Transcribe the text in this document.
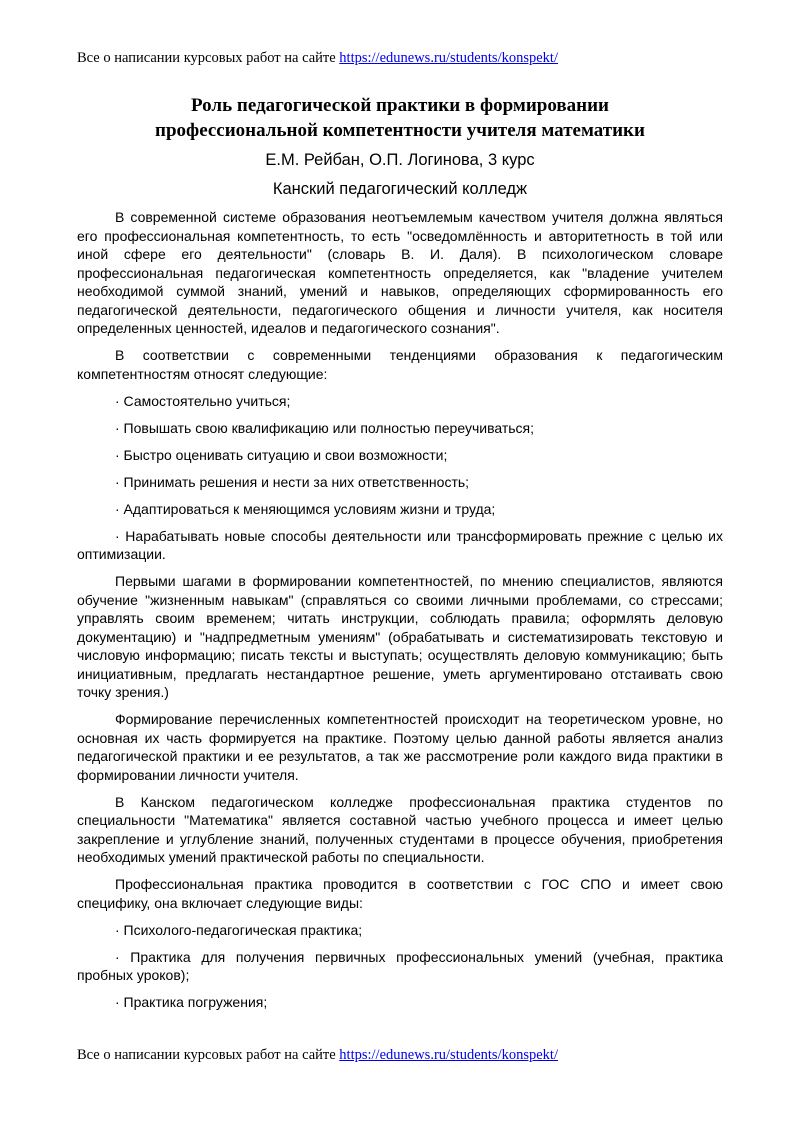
Все о написании курсовых работ на сайте https://edunews.ru/students/konspekt/
Роль педагогической практики в формировании
профессиональной компетентности учителя математики
Е.М. Рейбан, О.П. Логинова, 3 курс
Канский педагогический колледж

В современной системе образования неотъемлемым качеством учителя должна являться его профессиональная компетентность, то есть "осведомлённость и авторитетность в той или иной сфере его деятельности" (словарь В. И. Даля). В психологическом словаре профессиональная педагогическая компетентность определяется, как "владение учителем необходимой суммой знаний, умений и навыков, определяющих сформированность его педагогической деятельности, педагогического общения и личности учителя, как носителя определенных ценностей, идеалов и педагогического сознания".

В соответствии с современными тенденциями образования к педагогическим компетентностям относят следующие:

· Самостоятельно учиться;

· Повышать свою квалификацию или полностью переучиваться;

· Быстро оценивать ситуацию и свои возможности;

· Принимать решения и нести за них ответственность;

· Адаптироваться к меняющимся условиям жизни и труда;

· Нарабатывать новые способы деятельности или трансформировать прежние с целью их оптимизации.

Первыми шагами в формировании компетентностей, по мнению специалистов, являются обучение "жизненным навыкам" (справляться со своими личными проблемами, со стрессами; управлять своим временем; читать инструкции, соблюдать правила; оформлять деловую документацию) и "надпредметным умениям" (обрабатывать и систематизировать текстовую и числовую информацию; писать тексты и выступать; осуществлять деловую коммуникацию; быть инициативным, предлагать нестандартное решение, уметь аргументировано отстаивать свою точку зрения.)

Формирование перечисленных компетентностей происходит на теоретическом уровне, но основная их часть формируется на практике. Поэтому целью данной работы является анализ педагогической практики и ее результатов, а так же рассмотрение роли каждого вида практики в формировании личности учителя.

В Канском педагогическом колледже профессиональная практика студентов по специальности "Математика" является составной частью учебного процесса и имеет целью закрепление и углубление знаний, полученных студентами в процессе обучения, приобретения необходимых умений практической работы по специальности.

Профессиональная практика проводится в соответствии с ГОС СПО и имеет свою специфику, она включает следующие виды:

· Психолого-педагогическая практика;

· Практика для получения первичных профессиональных умений (учебная, практика пробных уроков);

· Практика погружения;

Все о написании курсовых работ на сайте https://edunews.ru/students/konspekt/
